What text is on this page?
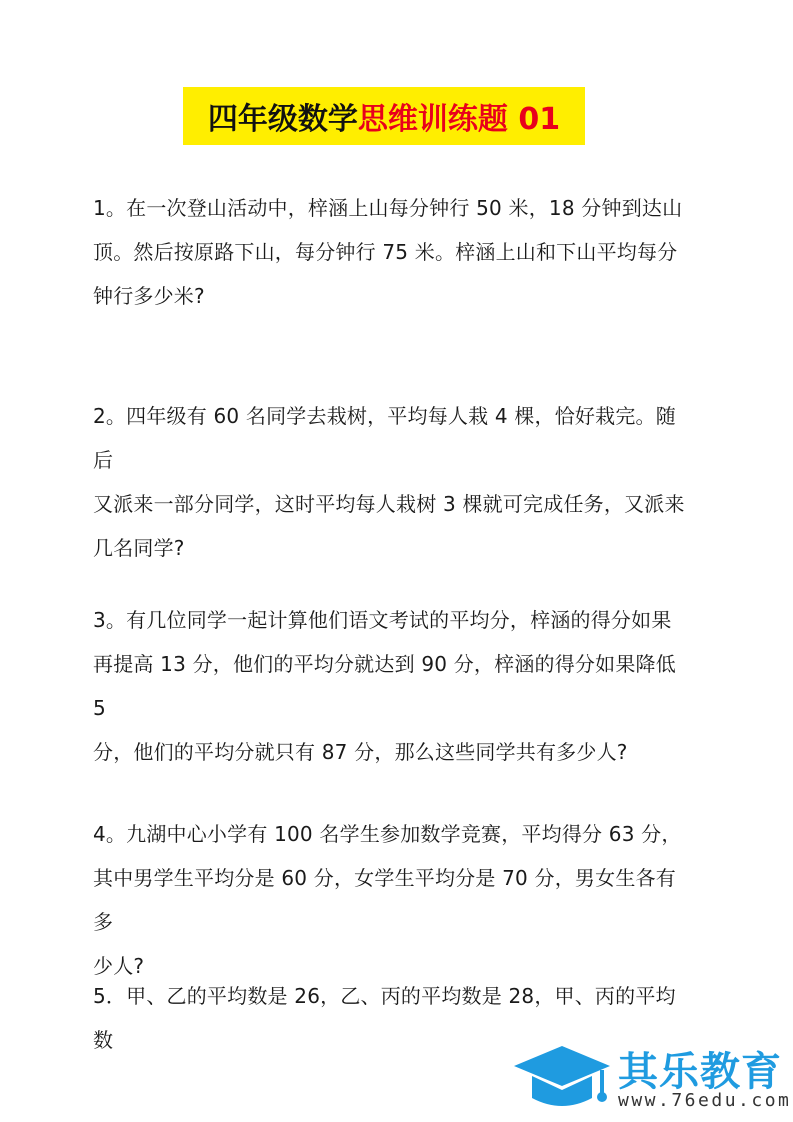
四年级数学 思维训练题 01
1。在一次登山活动中，梓涵上山每分钟行 50 米，18 分钟到达山
顶。然后按原路下山，每分钟行 75 米。梓涵上山和下山平均每分
钟行多少米?
2。四年级有 60 名同学去栽树，平均每人栽 4 棵，恰好栽完。随后
又派来一部分同学，这时平均每人栽树 3 棵就可完成任务，又派来
几名同学?
3。有几位同学一起计算他们语文考试的平均分，梓涵的得分如果
再提高 13 分，他们的平均分就达到 90 分，梓涵的得分如果降低 5
分，他们的平均分就只有 87 分，那么这些同学共有多少人?
4。九湖中心小学有 100 名学生参加数学竞赛，平均得分 63 分，
其中男学生平均分是 60 分，女学生平均分是 70 分，男女生各有多
少人?
5．甲、乙的平均数是 26，乙、丙的平均数是 28，甲、丙的平均数
其乐教育
www.76edu.com
